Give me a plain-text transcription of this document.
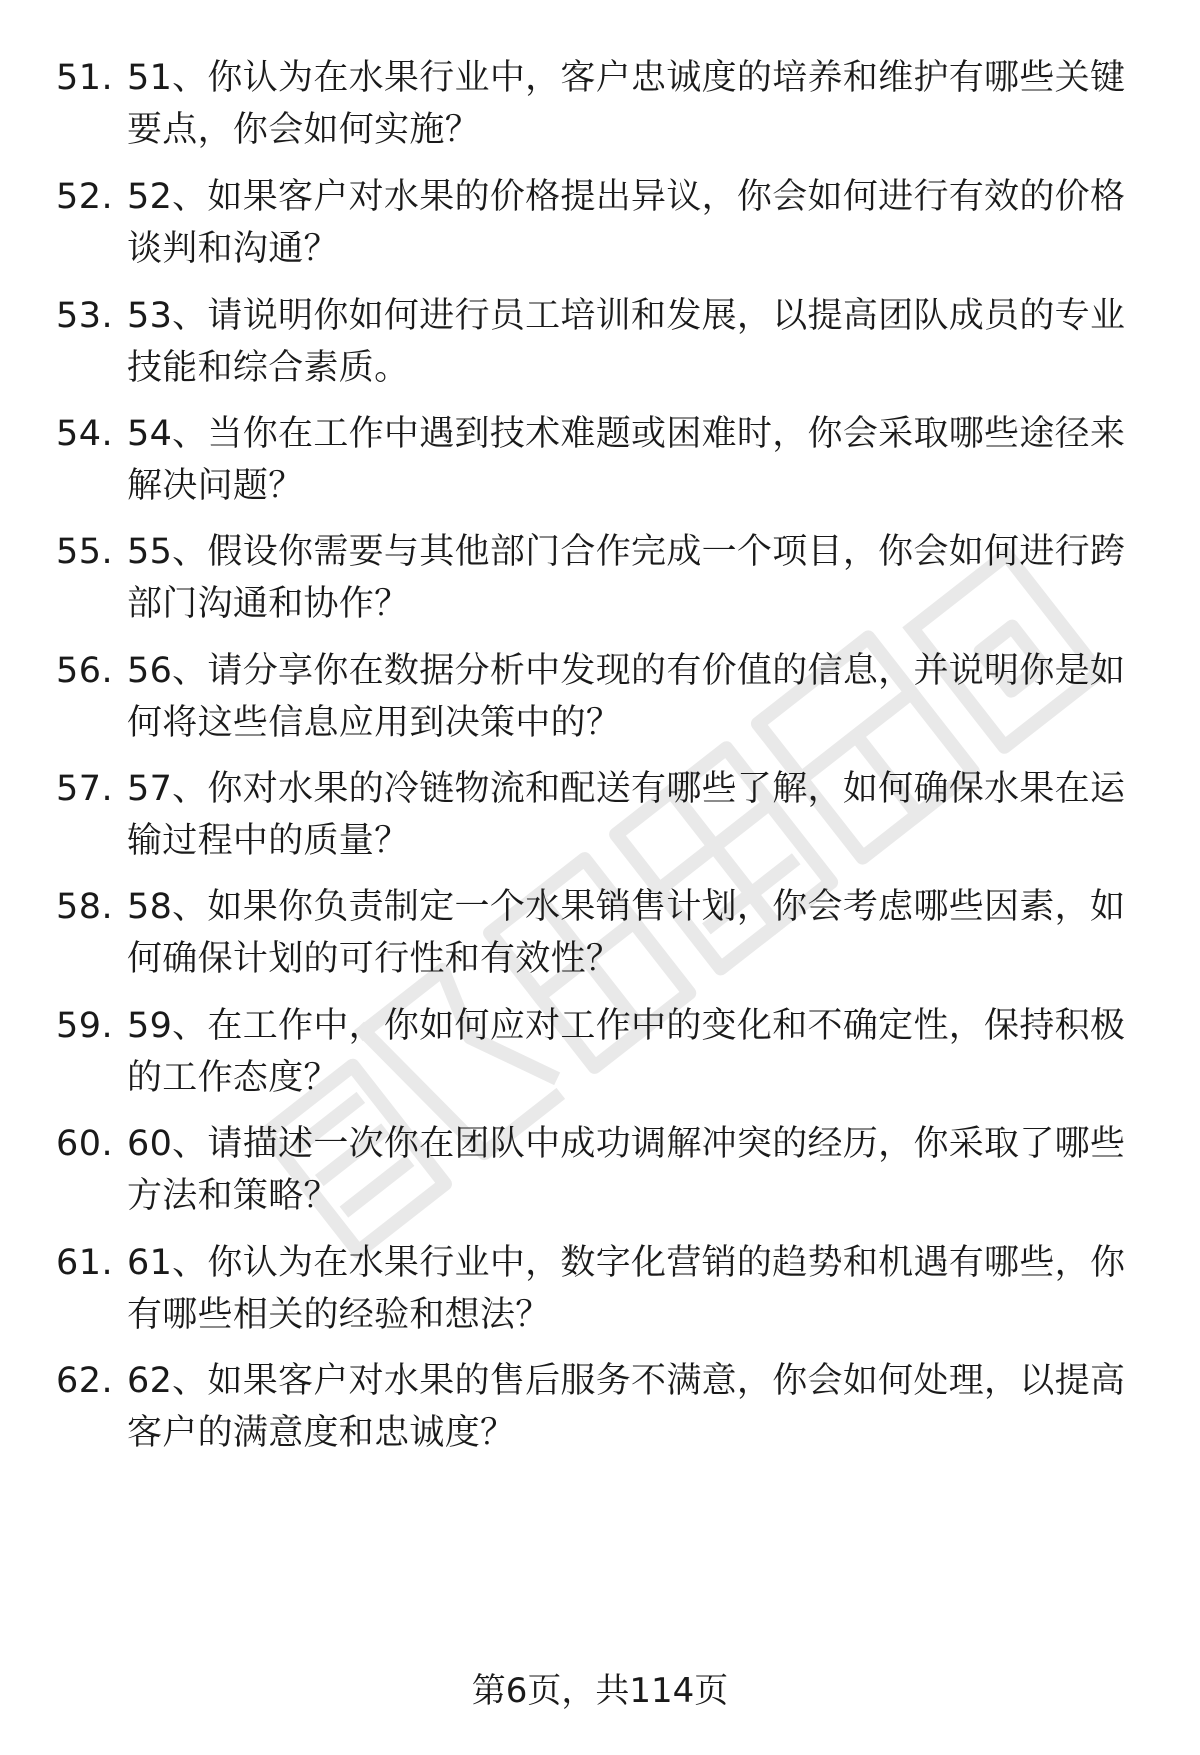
51. 51、你认为在水果行业中，客户忠诚度的培养和维护有哪些关键要点，你会如何实施？
52. 52、如果客户对水果的价格提出异议，你会如何进行有效的价格谈判和沟通？
53. 53、请说明你如何进行员工培训和发展，以提高团队成员的专业技能和综合素质。
54. 54、当你在工作中遇到技术难题或困难时，你会采取哪些途径来解决问题？
55. 55、假设你需要与其他部门合作完成一个项目，你会如何进行跨部门沟通和协作？
56. 56、请分享你在数据分析中发现的有价值的信息，并说明你是如何将这些信息应用到决策中的？
57. 57、你对水果的冷链物流和配送有哪些了解，如何确保水果在运输过程中的质量？
58. 58、如果你负责制定一个水果销售计划，你会考虑哪些因素，如何确保计划的可行性和有效性？
59. 59、在工作中，你如何应对工作中的变化和不确定性，保持积极的工作态度？
60. 60、请描述一次你在团队中成功调解冲突的经历，你采取了哪些方法和策略？
61. 61、你认为在水果行业中，数字化营销的趋势和机遇有哪些，你有哪些相关的经验和想法？
62. 62、如果客户对水果的售后服务不满意，你会如何处理，以提高客户的满意度和忠诚度？
第6页，共114页
